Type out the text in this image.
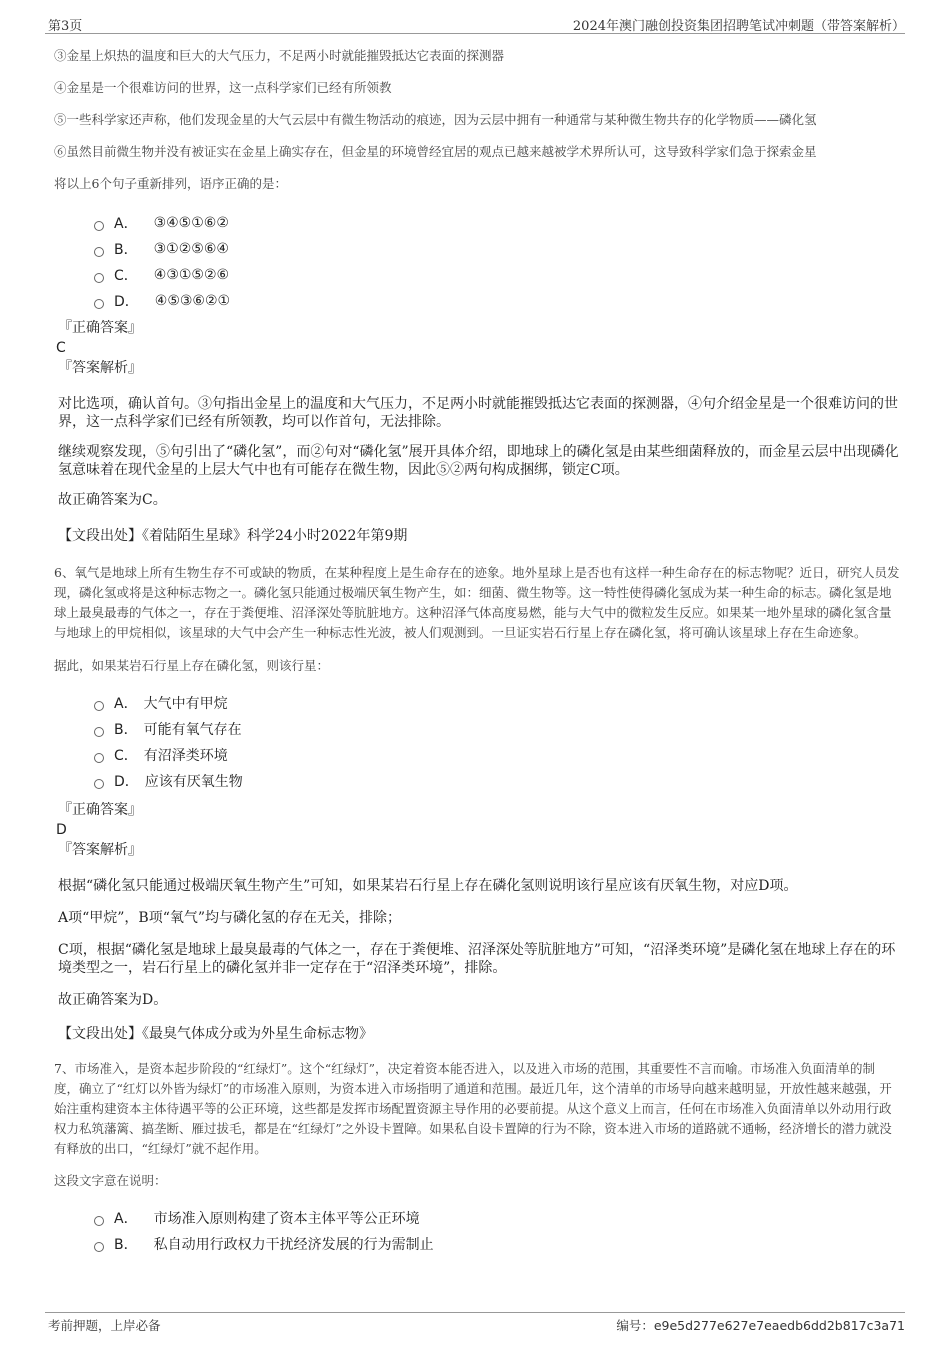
第3页	2024年澳门融创投资集团招聘笔试冲刺题（带答案解析）

③金星上炽热的温度和巨大的大气压力，不足两小时就能摧毁抵达它表面的探测器

④金星是一个很难访问的世界，这一点科学家们已经有所领教

⑤一些科学家还声称，他们发现金星的大气云层中有微生物活动的痕迹，因为云层中拥有一种通常与某种微生物共存的化学物质——磷化氢

⑥虽然目前微生物并没有被证实在金星上确实存在，但金星的环境曾经宜居的观点已越来越被学术界所认可，这导致科学家们急于探索金星

将以上6个句子重新排列，语序正确的是：

A． ③④⑤①⑥②
B． ③①②⑤⑥④
C． ④③①⑤②⑥
D． ④⑤③⑥②①
『正确答案』
C
『答案解析』

对比选项，确认首句。③句指出金星上的温度和大气压力，不足两小时就能摧毁抵达它表面的探测器，④句介绍金星是一个很难访问的世界，这一点科学家们已经有所领教，均可以作首句，无法排除。

继续观察发现，⑤句引出了“磷化氢”，而②句对“磷化氢”展开具体介绍，即地球上的磷化氢是由某些细菌释放的，而金星云层中出现磷化氢意味着在现代金星的上层大气中也有可能存在微生物，因此⑤②两句构成捆绑，锁定C项。

故正确答案为C。

【文段出处】《着陆陌生星球》科学24小时2022年第9期

6、氧气是地球上所有生物生存不可或缺的物质，在某种程度上是生命存在的迹象。地外星球上是否也有这样一种生命存在的标志物呢？近日，研究人员发现，磷化氢或将是这种标志物之一。磷化氢只能通过极端厌氧生物产生，如：细菌、微生物等。这一特性使得磷化氢成为某一种生命的标志。磷化氢是地球上最臭最毒的气体之一，存在于粪便堆、沼泽深处等肮脏地方。这种沼泽气体高度易燃，能与大气中的微粒发生反应。如果某一地外星球的磷化氢含量与地球上的甲烷相似，该星球的大气中会产生一种标志性光波，被人们观测到。一旦证实岩石行星上存在磷化氢，将可确认该星球上存在生命迹象。

据此，如果某岩石行星上存在磷化氢，则该行星：

A． 大气中有甲烷
B． 可能有氧气存在
C． 有沼泽类环境
D． 应该有厌氧生物
『正确答案』
D
『答案解析』

根据“磷化氢只能通过极端厌氧生物产生”可知，如果某岩石行星上存在磷化氢则说明该行星应该有厌氧生物，对应D项。

A项“甲烷”，B项“氧气”均与磷化氢的存在无关，排除；

C项，根据“磷化氢是地球上最臭最毒的气体之一，存在于粪便堆、沼泽深处等肮脏地方”可知，“沼泽类环境”是磷化氢在地球上存在的环境类型之一，岩石行星上的磷化氢并非一定存在于“沼泽类环境”，排除。

故正确答案为D。

【文段出处】《最臭气体成分或为外星生命标志物》

7、市场准入，是资本起步阶段的“红绿灯”。这个“红绿灯”，决定着资本能否进入，以及进入市场的范围，其重要性不言而喻。市场准入负面清单的制度，确立了“红灯以外皆为绿灯”的市场准入原则，为资本进入市场指明了通道和范围。最近几年，这个清单的市场导向越来越明显，开放性越来越强，开始注重构建资本主体待遇平等的公正环境，这些都是发挥市场配置资源主导作用的必要前提。从这个意义上而言，任何在市场准入负面清单以外动用行政权力私筑藩篱、搞垄断、雁过拔毛，都是在“红绿灯”之外设卡置障。如果私自设卡置障的行为不除，资本进入市场的道路就不通畅，经济增长的潜力就没有释放的出口，“红绿灯”就不起作用。

这段文字意在说明：

A． 市场准入原则构建了资本主体平等公正环境
B． 私自动用行政权力干扰经济发展的行为需制止
考前押题，上岸必备	编号：e9e5d277e627e7eaedb6dd2b817c3a71
